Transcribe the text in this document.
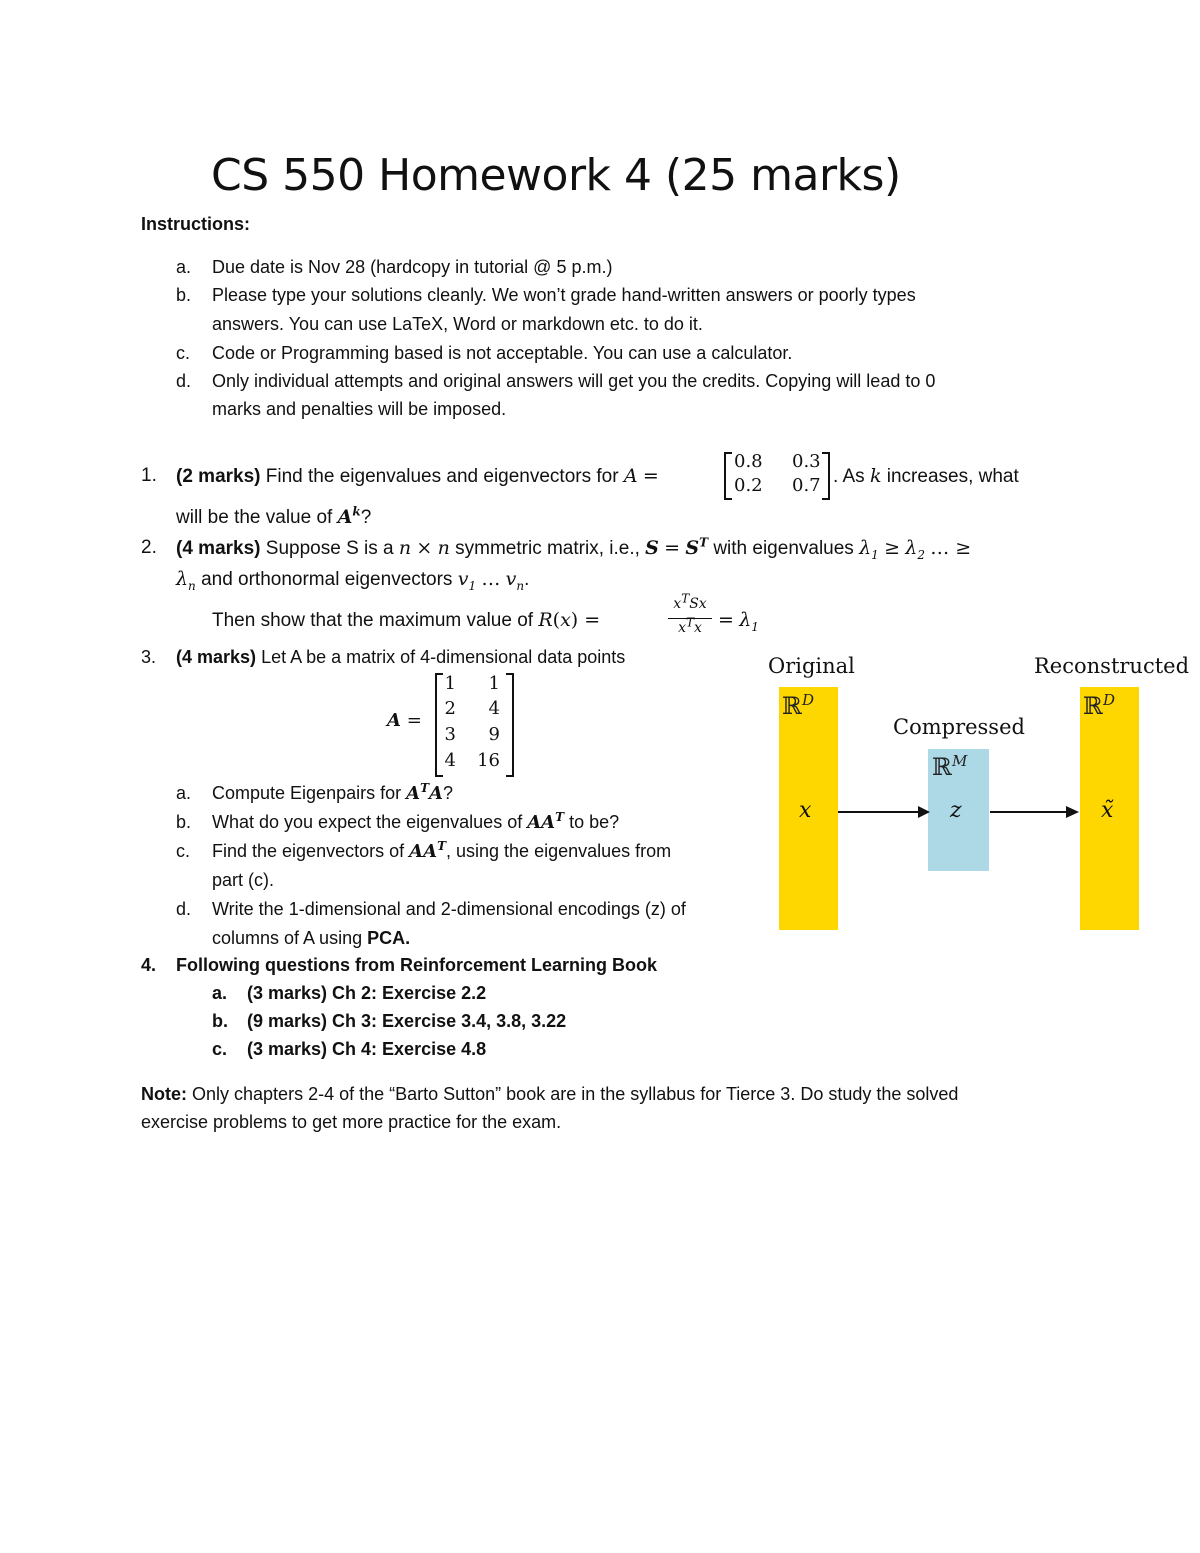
CS 550 Homework 4 (25 marks)
Instructions:
a. Due date is Nov 28 (hardcopy in tutorial @ 5 p.m.)
b. Please type your solutions cleanly. We won’t grade hand-written answers or poorly types
answers. You can use LaTeX, Word or markdown etc. to do it.
c. Code or Programming based is not acceptable. You can use a calculator.
d. Only individual attempts and original answers will get you the credits. Copying will lead to 0
marks and penalties will be imposed.
1. (2 marks) Find the eigenvalues and eigenvectors for A =
0.8 0.3
0.2 0.7 . As k increases, what
will be the value of $A^k$?
2. (4 marks) Suppose S is a n × n symmetric matrix, i.e., $S = S^T$ with eigenvalues $\lambda_1 \ge \lambda_2$ … ≥
$\lambda_n$ and orthonormal eigenvectors $v_1$ … $v_n$.
Then show that the maximum value of R(x) =
$x^TSx$
$x^Tx = \lambda_1$
3. (4 marks) Let A be a matrix of 4-dimensional data points
A =
1	1
2	4
3	9
4	16
a. Compute Eigenpairs for $A^TA$?
b. What do you expect the eigenvalues of $AA^T$ to be?
c. Find the eigenvectors of $AA^T$, using the eigenvalues from
part (c).
d. Write the 1-dimensional and 2-dimensional encodings (z) of
columns of A using PCA.
4. Following questions from Reinforcement Learning Book
a. (3 marks) Ch 2: Exercise 2.2
b. (9 marks) Ch 3: Exercise 3.4, 3.8, 3.22
c. (3 marks) Ch 4: Exercise 4.8
Note: Only chapters 2-4 of the “Barto Sutton” book are in the syllabus for Tierce 3. Do study the solved
exercise problems to get more practice for the exam.
Original	Reconstructed
Compressed
ℝ$^D$	ℝ$^D$
ℝ$^M$
x	z	x̃
